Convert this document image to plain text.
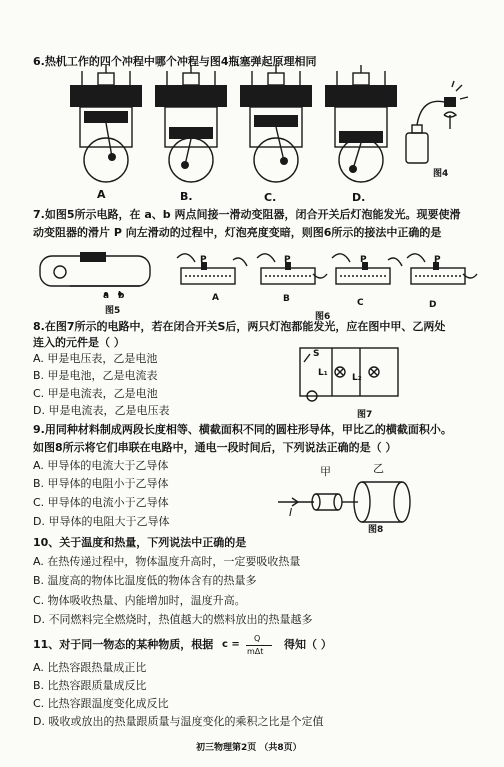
6.热机工作的四个冲程中哪个冲程与图4瓶塞弹起原理相同
图4
A	B.	C.	D.
7.如图5所示电路，在 a、b 两点间接一滑动变阻器，闭合开关后灯泡能发光。现要使滑
动变阻器的滑片 P 向左滑动的过程中，灯泡亮度变暗，则图6所示的接法中正确的是
a b
P	P	P	P
A	B	C	D
图5
图6
8.在图7所示的电路中，若在闭合开关S后，两只灯泡都能发光，应在图中甲、乙两处
连入的元件是（ ）
A. 甲是电压表，乙是电池
B. 甲是电池，乙是电流表
C. 甲是电流表，乙是电池
D. 甲是电流表，乙是电压表
S
L₁	L₂
图7
9.用同种材料制成两段长度相等、横截面积不同的圆柱形导体，甲比乙的横截面积小。
如图8所示将它们串联在电路中，通电一段时间后，下列说法正确的是（ ）
A. 甲导体的电流大于乙导体
B. 甲导体的电阻小于乙导体
C. 甲导体的电流小于乙导体
D. 甲导体的电阻大于乙导体
甲	乙
I
图8
10、关于温度和热量，下列说法中正确的是
A. 在热传递过程中，物体温度升高时，一定要吸收热量
B. 温度高的物体比温度低的物体含有的热量多
C. 物体吸收热量、内能增加时，温度升高。
D. 不同燃料完全燃烧时，热值越大的燃料放出的热量越多
11、对于同一物态的某种物质，根据 c =
Q
mΔt
得知（ ）
A. 比热容跟热量成正比
B. 比热容跟质量成反比
C. 比热容跟温度变化成反比
D. 吸收或放出的热量跟质量与温度变化的乘积之比是个定值
初三物理第2页 （共8页）
